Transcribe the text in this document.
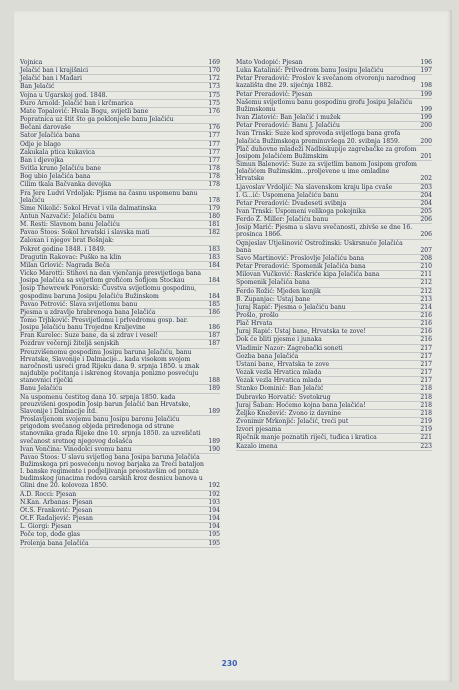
Vojnica	169
Jelačić ban i krajišnici	170
Jelačić ban i Mađari	172
Ban Jelačić	173
Vojna u Ugarskoj god. 1848.	175
Đuro Arnold: Jelačić ban i krčmarica	175
Mate Topalović: Hvala Bogu, svijetli bane	176
Popratnica uz štit što ga poklonješe banu Jelačiću
Bečani darovaše	176
Sator Jelačića bana	177
Odje je blago	177
Zakukala ptica kukavica	177
Ban i djevojka	177
Svitla kruno Jelačiću bane	178
Bog ubio Jelačića bana	178
Cilim tkala Bačvanka devojka	178
Fra Jere Ludvi Vrdoljak: Pjisma na časnu uspomenu banu Jelačiću	178
Sime Nikolić: Sokol Hrvat i vila dalmatinska	179
Antun Nazvačić: Jelačiću banu	180
M. Resti: Slavnom banu Jelačiću	181
Pavao Štoos: Sokol hrvatski i slavska mati	182
Zaloxan i njegov brat Bošnjak:
Pokret godine 1848. i 1849.	183
Dragutin Rakovac: Puško na klin	183
Milan Grlović: Nagrada Beča	184
Vicko Marotti: Stihovi na dan vjenčanja presvijetloga bana Josipa Jelačića sa svijetlom grofićom Sofijom Stockau	184
Josip Thewrewk Ponorski: Čuvstva svijetlomu gospodinu, gospodinu baruna Josipu Jelačiću Bužinskom	184
Pavao Petrović: Slava svijetlomu banu	185
Pjesma u zdravlje hrabrenoga bana Jelačića	186
Tomo Trjbković: Presvijetlomu i prlvedromu gosp. bar. Josipu Jelačiću banu Trojedne Kraljevine	186
Fran Kurelec: Suze bane, da si zdrav i vesel!	187
Pozdrav večernji žiteljâ senjskih	187
Preuzvišenomu gospodinu Josipu baruna Jelačiću, banu Hrvatske, Slavonije i Dalmacije... kada visokom svojom naročnosti usreći grad Rijeku dana 9. srpnja 1850. u znak najdublje počitanja i iskrenog štovanja ponizno posvećuju stanovnici riječki	188
Banu Jelačiću	189
Na uspomenu čestitog dana 10. srpnja 1850. kada preuzvišeni gospodin Josip barun Jelačić ban Hrvatske, Slavonije i Dalmacije itd.	189
Proslavljenom svojemu banu Josipu baronu Jelačiću prigodom svečanog objeda priređenoga od strane stanovnika grada Rijeke dne 10. srpnja 1850. za uzveličati svečanost sretnog njegovog došašća	189
Ivan Vončina: Vinodolci svomu banu	190
Pavao Štoos: U slavu svijetlog bana Josipa baruna Jelačića Bužimskoga pri posvećenju novog barjaka za Treći bataljon I. banske regimente i podjeljivanja preostavšim od poraza budimskog junacima redova carskih kroz desnicu banova u Glini dne 20. kolovoza 1850.	192
A.D. Rocci: Pjesan	192
N.Kan. Arbanas: Pjesan	193
Ot.S. Franković: Pjesan	194
Ot.F. Radaljević: Pjesan	194
L. Giorgi: Pjesan	194
Poče top, dođe glas	195
Prolenja bana Jelačića	195
Mato Vodopić: Pjesan	196
Luka Katalinić: Prilvedrom banu Josipu Jelačiću	197
Petar Preradović: Proslov k svečanom otvorenju narodnog kazališta dne 29. sijećnja 1882.	198
Petar Preradović: Pjesan	199
Našemu svijetlomu banu gospodinu grofu Josipu Jelačiću Bužimskomu	199
Ivan Zlatović: Ban Jelačić i mužek	199
Petar Preradović: Banu J. Jelačiću	200
Ivan Trnski: Suze kod sprovoda svijetloga bana grofa Jelačića Bužimskoga preminuvšega 20. svibnja 1859.	200
Plač duhovne mladeži Nadbiskupije zagrebačke za grofom Josipom Jelačićem Bužimskim	201
Šimun Balenović: Suze za svijetlim banom Josipom grofom Jelačićem Bužimskim...proljevene u ime omladine Hrvatske	202
Ljavoslav Vrdoljić: Na slavenskom kraju lipa cvaše	203
I. G...ić: Uspomena Jelačiću banu	204
Petar Preradović: Dvadeseti svibnja	204
Ivan Trnski: Uspomeni velikoga pokojnika	205
Ferdo Ž. Miller: Jelačiću banu	206
Josip Marić: Pjesma u slavu svečanosti, zbivše se dne 16. prosinca 1866.	206
Ognjeslav Utješinović Ostrožinski: Uskrsnuće Jelačića bana	207
Savo Martinović: Proslovlje Jelačiću bana	208
Petar Preradović: Spomenik Jelačića bana	210
Milovan Vučković: Raskriće kipa Jelačića bana	211
Spomenik Jelačića bana	212
Ferdo Rožić: Mjeden konjik	212
B. Zupanjac: Ustaj bane	213
Juraj Rapić: Pjesma o Jelačiću banu	214
Prošlo, prošlo	216
Plač Hrvata	216
Juraj Rapić: Ustaj bane, Hrvatska te zove!	216
Dok će bliti pjesme i junaka	216
Vladimir Nazor: Zagrebački soneti	217
Gozba bana Jelačića	217
Ustani bane, Hrvatska te zove	217
Vezak vezla Hrvatica mlada	217
Vezak vezla Hrvatica mlada	217
Stanko Dominić: Ban Jelačić	218
Dubravko Horvatić: Svetokrug	218
Juraj Šaban: Hoćemo kojna bana Jelačića!	218
Željko Knežević: Zvono iz davnine	218
Zvonimir Mrkonjić: Jelačić, treći put	219
Izvori pjesama	219
Rječnik manje poznatih riječi, tuđica i kratica	221
Kazalo imena	223
230
